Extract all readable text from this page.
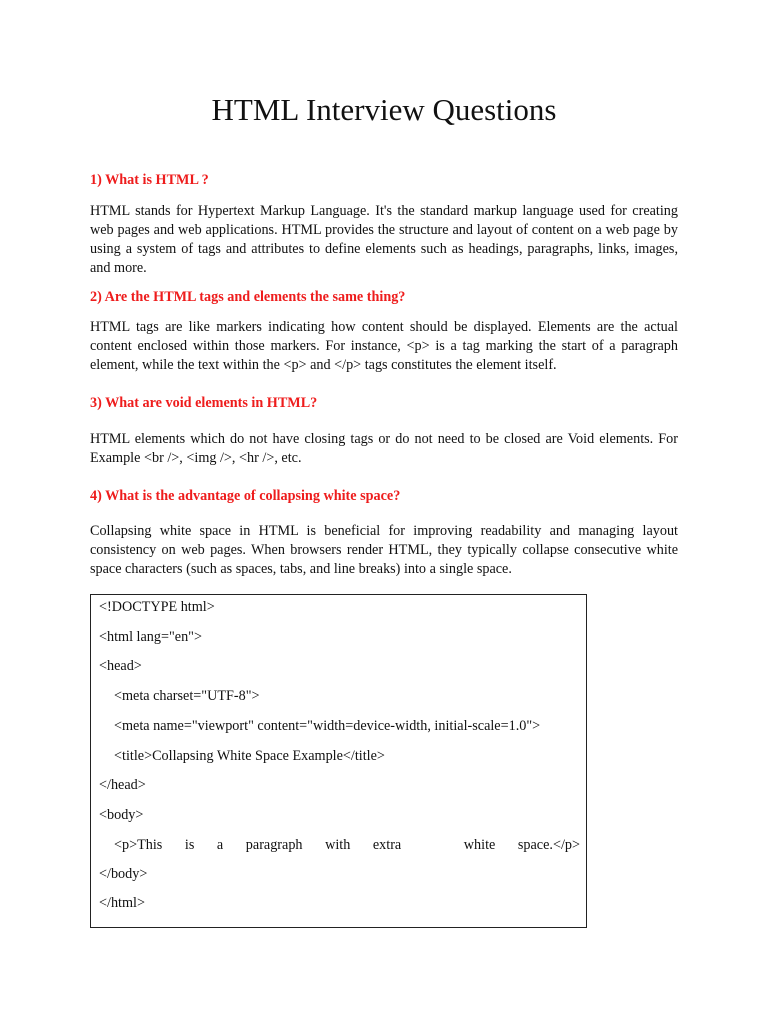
HTML Interview Questions

1) What is HTML ?

HTML stands for Hypertext Markup Language. It's the standard markup language used for creating web pages and web applications. HTML provides the structure and layout of content on a web page by using a system of tags and attributes to define elements such as headings, paragraphs, links, images, and more.

2) Are the HTML tags and elements the same thing?

HTML tags are like markers indicating how content should be displayed. Elements are the actual content enclosed within those markers. For instance, <p> is a tag marking the start of a paragraph element, while the text within the <p> and </p> tags constitutes the element itself.

3) What are void elements in HTML?

HTML elements which do not have closing tags or do not need to be closed are Void elements. For Example <br />, <img />, <hr />, etc.

4) What is the advantage of collapsing white space?

Collapsing white space in HTML is beneficial for improving readability and managing layout consistency on web pages. When browsers render HTML, they typically collapse consecutive white space characters (such as spaces, tabs, and line breaks) into a single space.

<!DOCTYPE html>
<html lang="en">
<head>
<meta charset="UTF-8">
<meta name="viewport" content="width=device-width, initial-scale=1.0">
<title>Collapsing White Space Example</title>
</head>
<body>
<p>This is a paragraph with extra	white space.</p>
</body>
</html>
